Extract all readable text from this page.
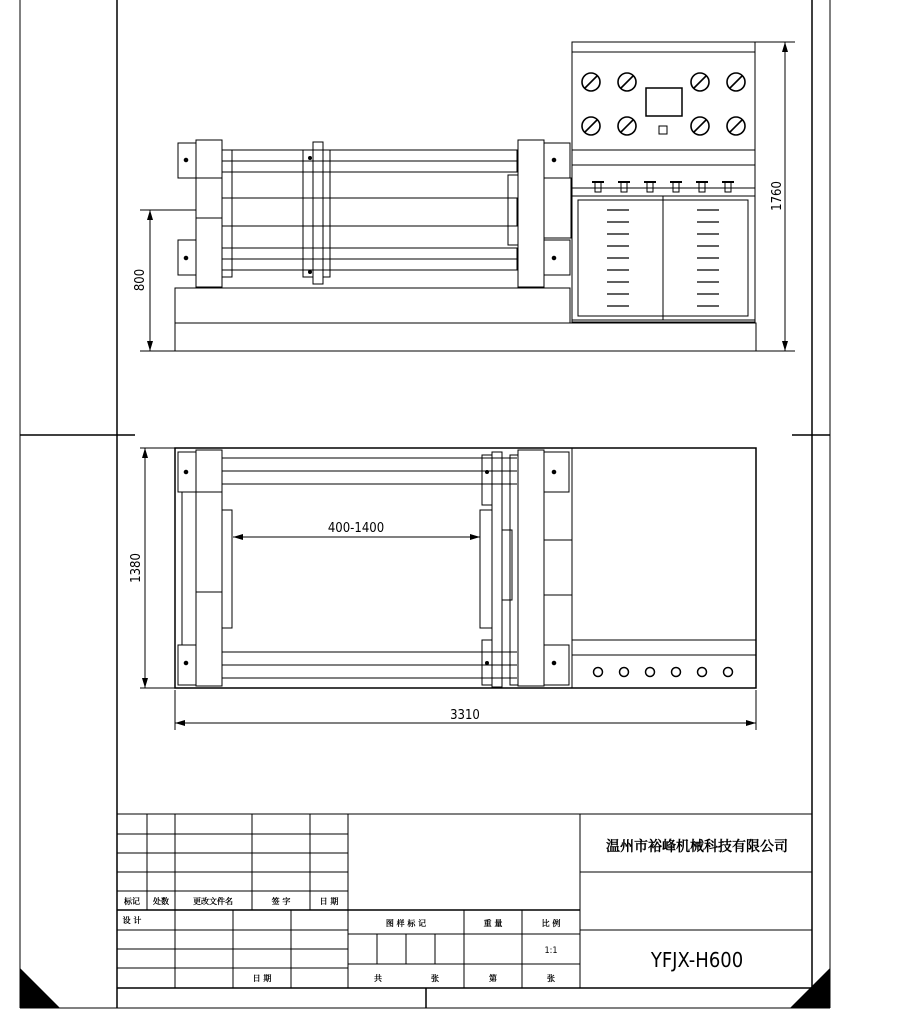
1760
800
1380
400-1400
3310
标记 处数	更改文件名	签 字	日 期
设 计
日 期
图 样 标 记	重 量	比 例
1:1
共	张	第	张
温州市裕峰机械科技有限公司
YFJX-H600
